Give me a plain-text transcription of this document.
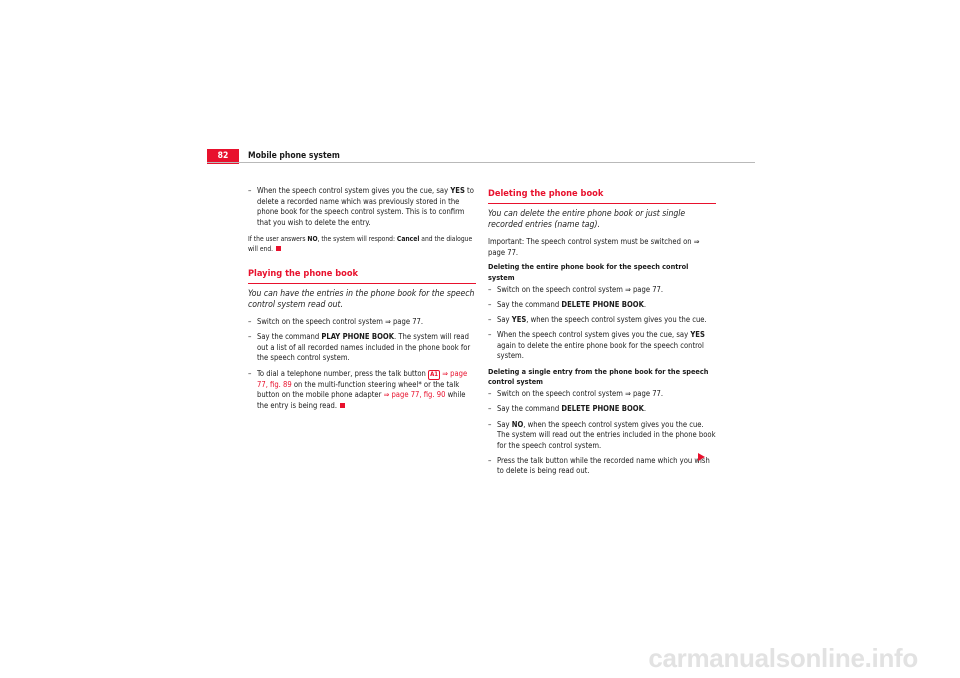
82	Mobile phone system
– When the speech control system gives you the cue, say YES to delete a recorded name which was previously stored in the phone book for the speech control system. This is to confirm that you wish to delete the entry.
If the user answers NO, the system will respond: Cancel and the dialogue will end.
Playing the phone book
You can have the entries in the phone book for the speech control system read out.
– Switch on the speech control system ⇒ page 77.
– Say the command PLAY PHONE BOOK. The system will read out a list of all recorded names included in the phone book for the speech control system.
– To dial a telephone number, press the talk button A1 ⇒ page 77, fig. 89 on the multi-function steering wheel* or the talk button on the mobile phone adapter ⇒ page 77, fig. 90 while the entry is being read.
Deleting the phone book
You can delete the entire phone book or just single recorded entries (name tag).
Important: The speech control system must be switched on ⇒ page 77.
Deleting the entire phone book for the speech control system
– Switch on the speech control system ⇒ page 77.
– Say the command DELETE PHONE BOOK.
– Say YES, when the speech control system gives you the cue.
– When the speech control system gives you the cue, say YES again to delete the entire phone book for the speech control system.
Deleting a single entry from the phone book for the speech control system
– Switch on the speech control system ⇒ page 77.
– Say the command DELETE PHONE BOOK.
– Say NO, when the speech control system gives you the cue. The system will read out the entries included in the phone book for the speech control system.
– Press the talk button while the recorded name which you wish to delete is being read out.
carmanualsonline.info
